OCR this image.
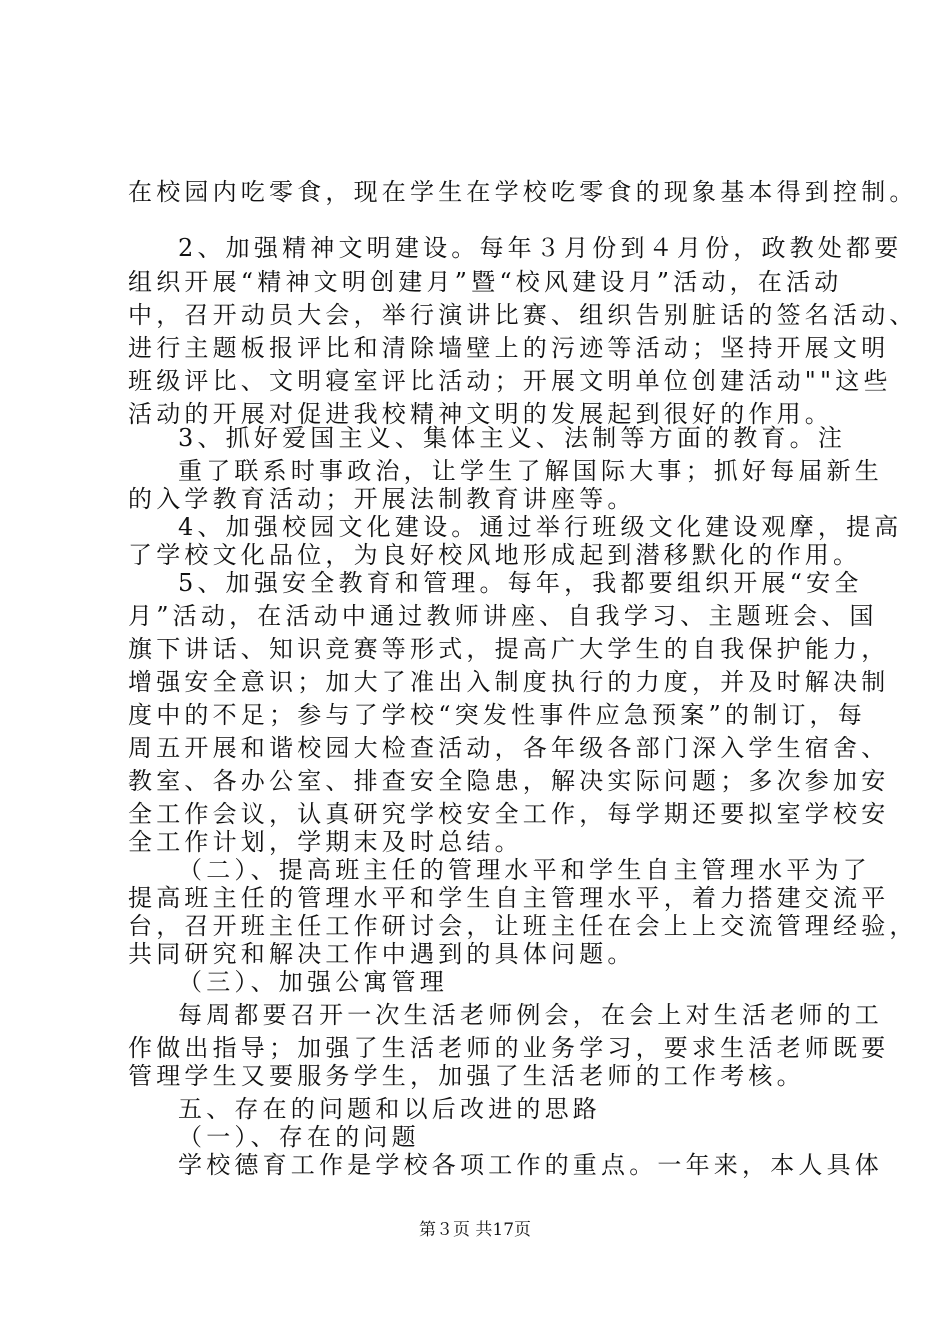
在校园内吃零食，现在学生在学校吃零食的现象基本得到控制。
2、加强精神文明建设。每年３月份到４月份，政教处都要
组织开展“精神文明创建月”暨“校风建设月”活动，在活动
中，召开动员大会，举行演讲比赛、组织告别脏话的签名活动、
进行主题板报评比和清除墙壁上的污迹等活动；坚持开展文明
班级评比、文明寝室评比活动；开展文明单位创建活动""这些
活动的开展对促进我校精神文明的发展起到很好的作用。
3、抓好爱国主义、集体主义、法制等方面的教育。注
重了联系时事政治，让学生了解国际大事；抓好每届新生
的入学教育活动；开展法制教育讲座等。
4、加强校园文化建设。通过举行班级文化建设观摩，提高
了学校文化品位，为良好校风地形成起到潜移默化的作用。
5、加强安全教育和管理。每年，我都要组织开展“安全
月”活动，在活动中通过教师讲座、自我学习、主题班会、国
旗下讲话、知识竞赛等形式，提高广大学生的自我保护能力，
增强安全意识；加大了准出入制度执行的力度，并及时解决制
度中的不足；参与了学校“突发性事件应急预案”的制订，每
周五开展和谐校园大检查活动，各年级各部门深入学生宿舍、
教室、各办公室、排查安全隐患，解决实际问题；多次参加安
全工作会议，认真研究学校安全工作，每学期还要拟室学校安
全工作计划，学期末及时总结。
（二）、提高班主任的管理水平和学生自主管理水平为了
提高班主任的管理水平和学生自主管理水平，着力搭建交流平
台，召开班主任工作研讨会，让班主任在会上上交流管理经验，
共同研究和解决工作中遇到的具体问题。
（三）、加强公寓管理
每周都要召开一次生活老师例会，在会上对生活老师的工
作做出指导；加强了生活老师的业务学习，要求生活老师既要
管理学生又要服务学生，加强了生活老师的工作考核。
五、存在的问题和以后改进的思路
（一）、存在的问题
学校德育工作是学校各项工作的重点。一年来，本人具体
第３页 共17页
